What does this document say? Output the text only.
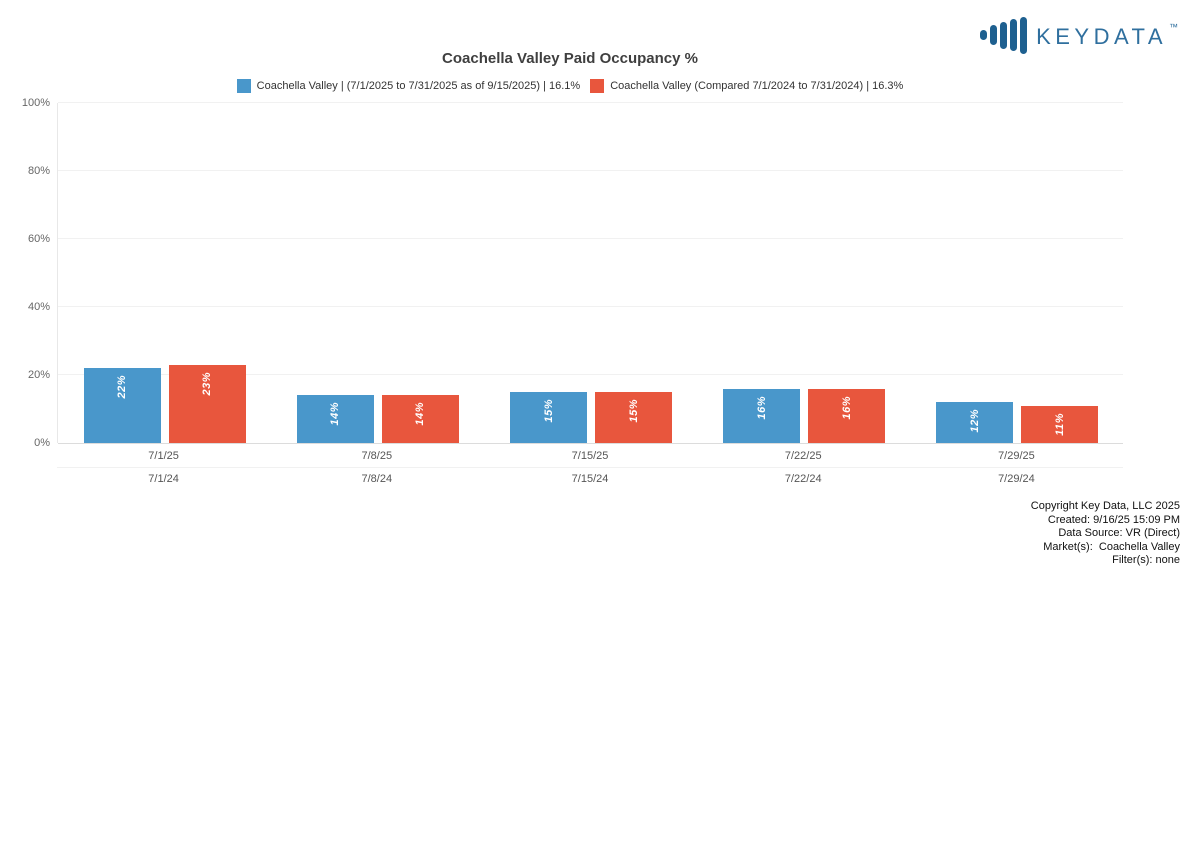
KEYDATA ™
Coachella Valley Paid Occupancy %
Coachella Valley | (7/1/2025 to 7/31/2025 as of 9/15/2025) | 16.1%	Coachella Valley (Compared 7/1/2024 to 7/31/2024) | 16.3%
0%
20%
40%
60%
80%
100%
22%	23%
14%	14%	15%	15%	16%	16%
12%	11%
7/1/25	7/8/25	7/15/25	7/22/25	7/29/25
7/1/24	7/8/24	7/15/24	7/22/24	7/29/24
Copyright Key Data, LLC 2025
Created: 9/16/25 15:09 PM
Data Source: VR (Direct)
Market(s):  Coachella Valley
Filter(s): none
